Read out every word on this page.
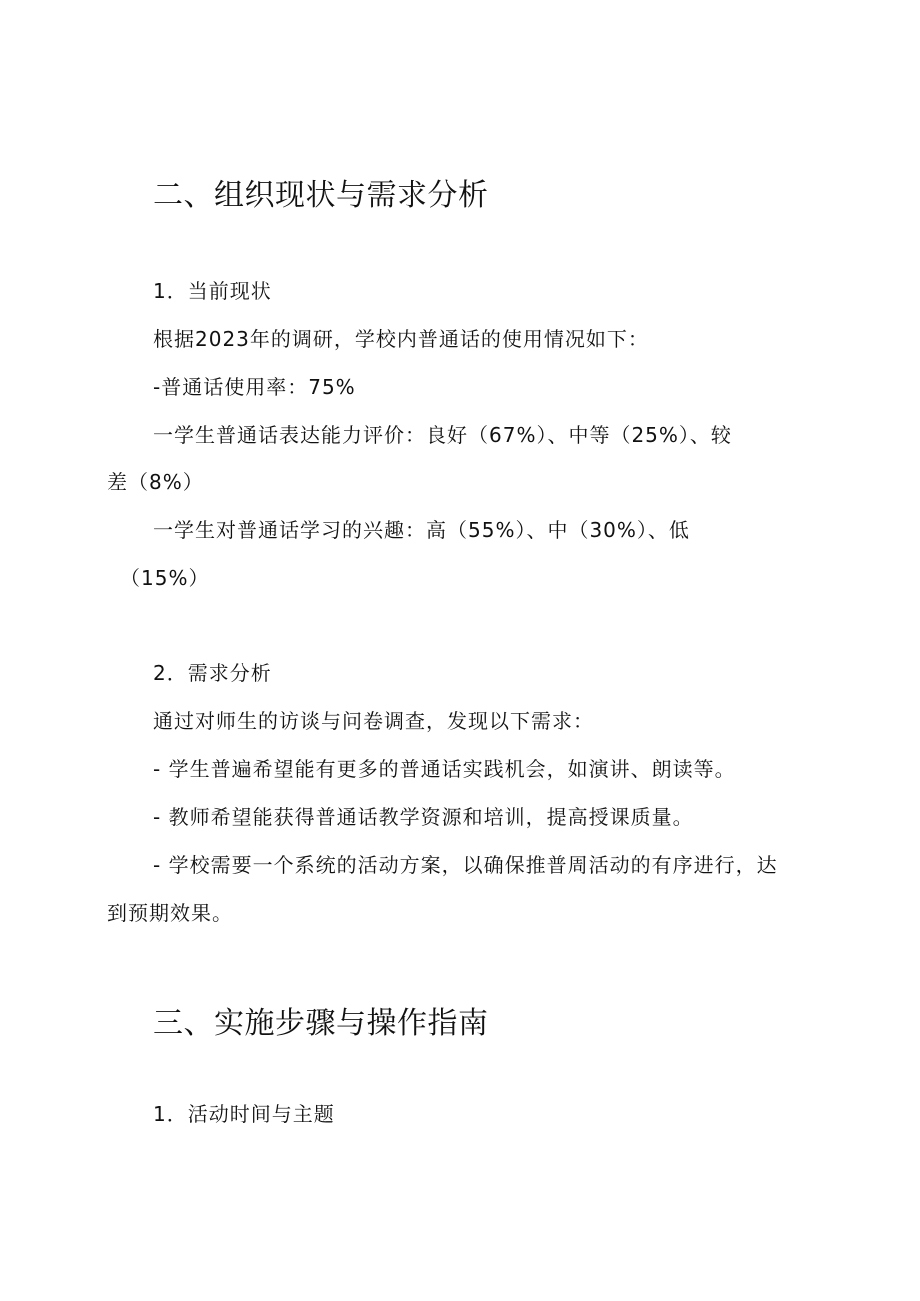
二、组织现状与需求分析
1．当前现状
根据2023年的调研，学校内普通话的使用情况如下：
-普通话使用率：75%
一学生普通话表达能力评价：良好（67%）、中等（25%）、较
差（8%）
一学生对普通话学习的兴趣：高（55%）、中（30%）、低
（15%）
2．需求分析
通过对师生的访谈与问卷调查，发现以下需求：
- 学生普遍希望能有更多的普通话实践机会，如演讲、朗读等。
- 教师希望能获得普通话教学资源和培训，提高授课质量。
- 学校需要一个系统的活动方案，以确保推普周活动的有序进行，达
到预期效果。
三、实施步骤与操作指南
1．活动时间与主题
